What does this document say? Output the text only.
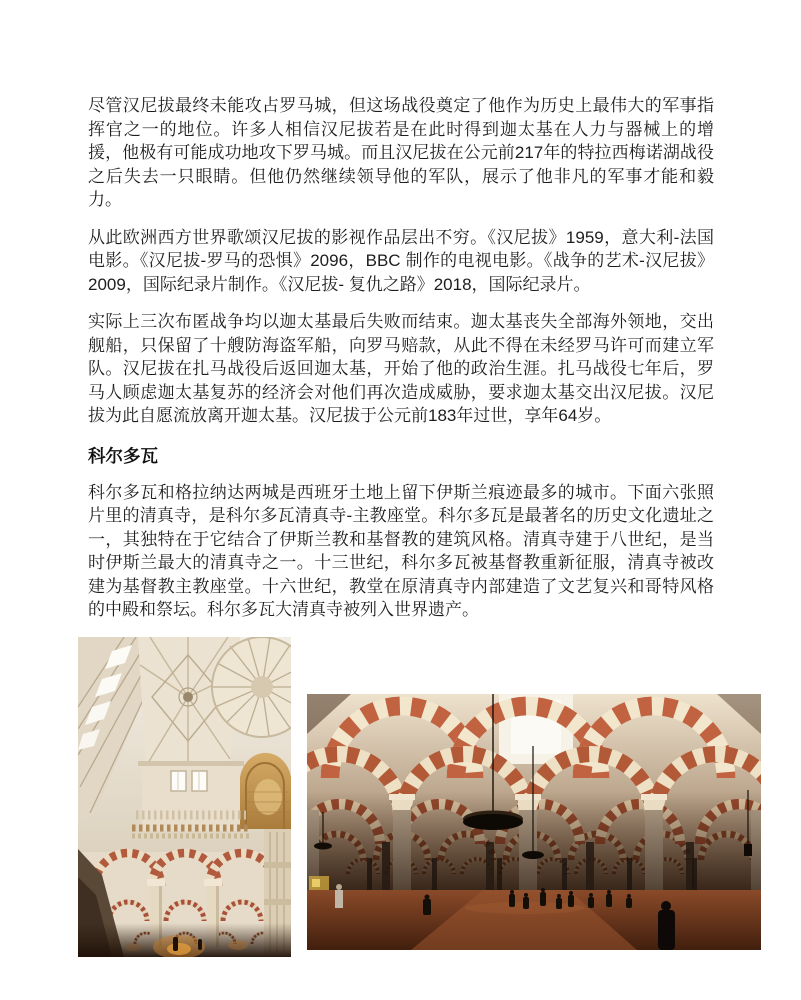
尽管汉尼拔最终未能攻占罗马城，但这场战役奠定了他作为历史上最伟大的军事指挥官之一的地位。许多人相信汉尼拔若是在此时得到迦太基在人力与器械上的增援，他极有可能成功地攻下罗马城。而且汉尼拔在公元前217年的特拉西梅诺湖战役之后失去一只眼睛。但他仍然继续领导他的军队，展示了他非凡的军事才能和毅力。

从此欧洲西方世界歌颂汉尼拔的影视作品层出不穷。《汉尼拔》1959，意大利-法国电影。《汉尼拔-罗马的恐惧》2096，BBC 制作的电视电影。《战争的艺术-汉尼拔》2009，国际纪录片制作。《汉尼拔- 复仇之路》2018，国际纪录片。

实际上三次布匿战争均以迦太基最后失败而结束。迦太基丧失全部海外领地，交出舰船，只保留了十艘防海盗军船，向罗马赔款，从此不得在未经罗马许可而建立军队。汉尼拔在扎马战役后返回迦太基，开始了他的政治生涯。扎马战役七年后，罗马人顾虑迦太基复苏的经济会对他们再次造成威胁，要求迦太基交出汉尼拔。汉尼拔为此自愿流放离开迦太基。汉尼拔于公元前183年过世，享年64岁。

科尔多瓦

科尔多瓦和格拉纳达两城是西班牙土地上留下伊斯兰痕迹最多的城市。下面六张照片里的清真寺，是科尔多瓦清真寺-主教座堂。科尔多瓦是最著名的历史文化遗址之一，其独特在于它结合了伊斯兰教和基督教的建筑风格。清真寺建于八世纪，是当时伊斯兰最大的清真寺之一。十三世纪，科尔多瓦被基督教重新征服，清真寺被改建为基督教主教座堂。十六世纪，教堂在原清真寺内部建造了文艺复兴和哥特风格的中殿和祭坛。科尔多瓦大清真寺被列入世界遗产。
